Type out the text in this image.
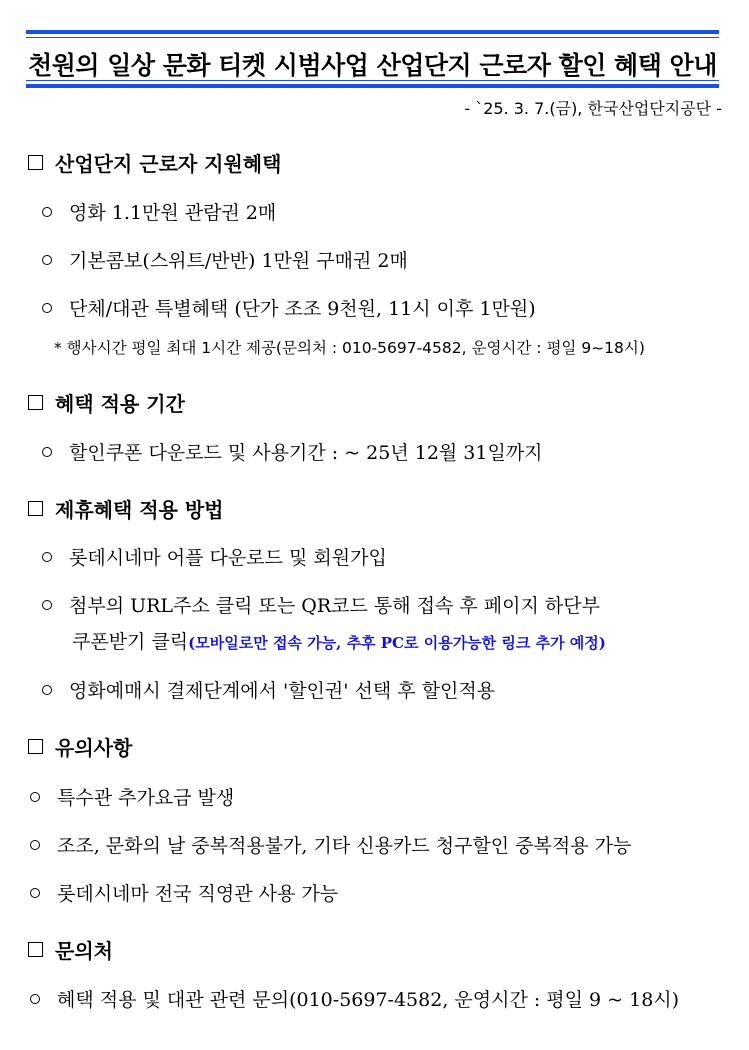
천원의 일상 문화 티켓 시범사업 산업단지 근로자 할인 혜택 안내
- `25. 3. 7.(금), 한국산업단지공단 -
산업단지 근로자 지원혜택
영화 1.1만원 관람권 2매
기본콤보(스위트/반반) 1만원 구매권 2매
단체/대관 특별혜택 (단가 조조 9천원, 11시 이후 1만원)
* 행사시간 평일 최대 1시간 제공(문의처 : 010-5697-4582, 운영시간 : 평일 9~18시)
혜택 적용 기간
할인쿠폰 다운로드 및 사용기간 : ~ 25년 12월 31일까지
제휴혜택 적용 방법
롯데시네마 어플 다운로드 및 회원가입
첨부의 URL주소 클릭 또는 QR코드 통해 접속 후 페이지 하단부
쿠폰받기 클릭(모바일로만 접속 가능, 추후 PC로 이용가능한 링크 추가 예정)
영화예매시 결제단계에서 '할인권' 선택 후 할인적용
유의사항
특수관 추가요금 발생
조조, 문화의 날 중복적용불가, 기타 신용카드 청구할인 중복적용 가능
롯데시네마 전국 직영관 사용 가능
문의처
혜택 적용 및 대관 관련 문의(010-5697-4582, 운영시간 : 평일 9 ~ 18시)
